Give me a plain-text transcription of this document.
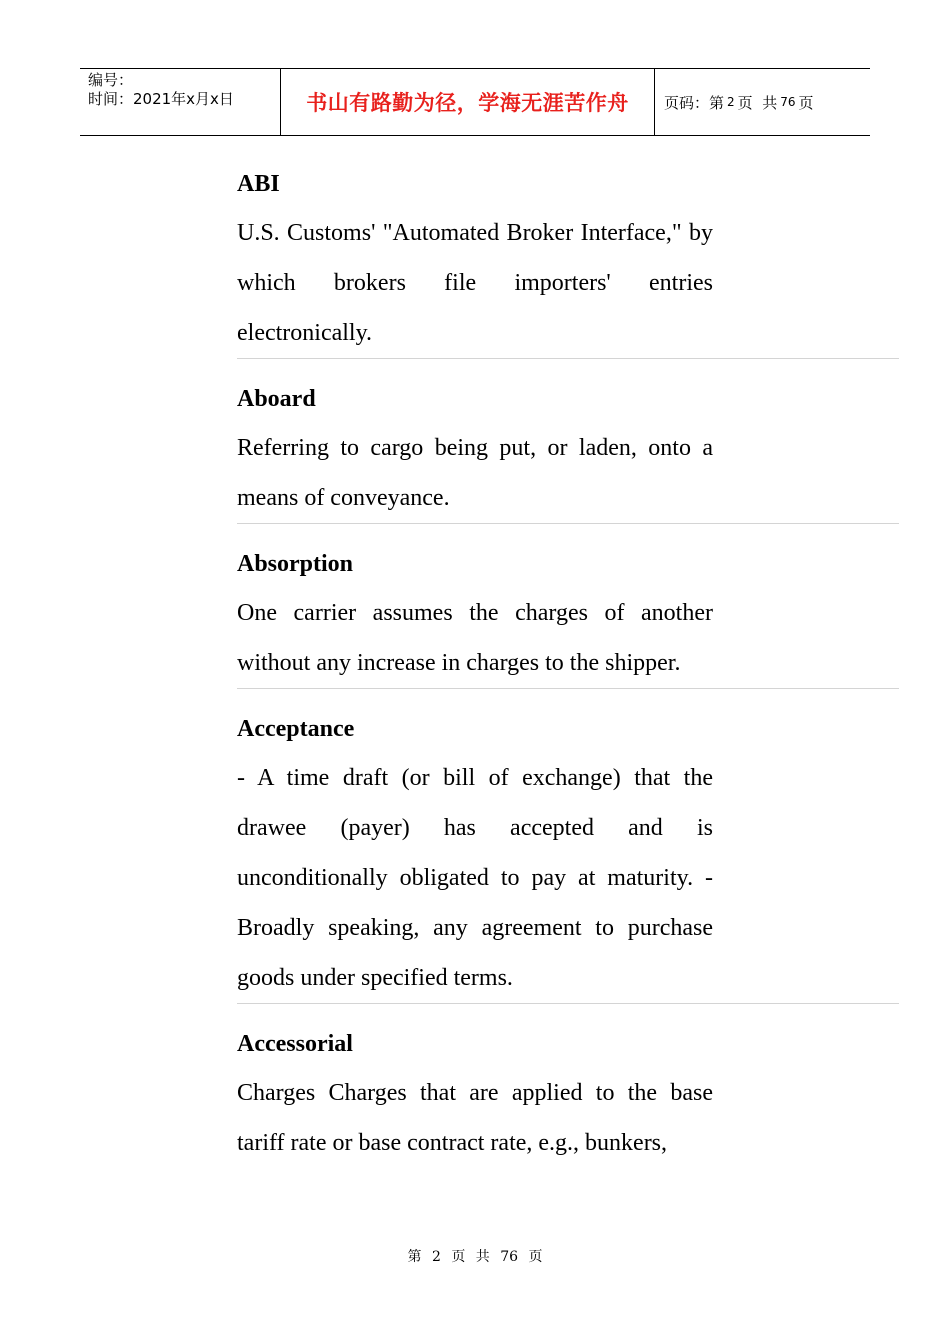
编号：
时间：2021年x月x日	书山有路勤为径，学海无涯苦作舟 页码：第 2 页  共 76 页

ABI

U.S. Customs' "Automated Broker Interface," by which brokers file importers' entries electronically.

Aboard

Referring to cargo being put, or laden, onto a means of conveyance.

Absorption

One carrier assumes the charges of another without any increase in charges to the shipper.

Acceptance

- A time draft (or bill of exchange) that the drawee (payer) has accepted and is unconditionally obligated to pay at maturity. - Broadly speaking, any agreement to purchase goods under specified terms.

Accessorial

Charges Charges that are applied to the base tariff rate or base contract rate, e.g., bunkers,

第 2 页 共 76 页
